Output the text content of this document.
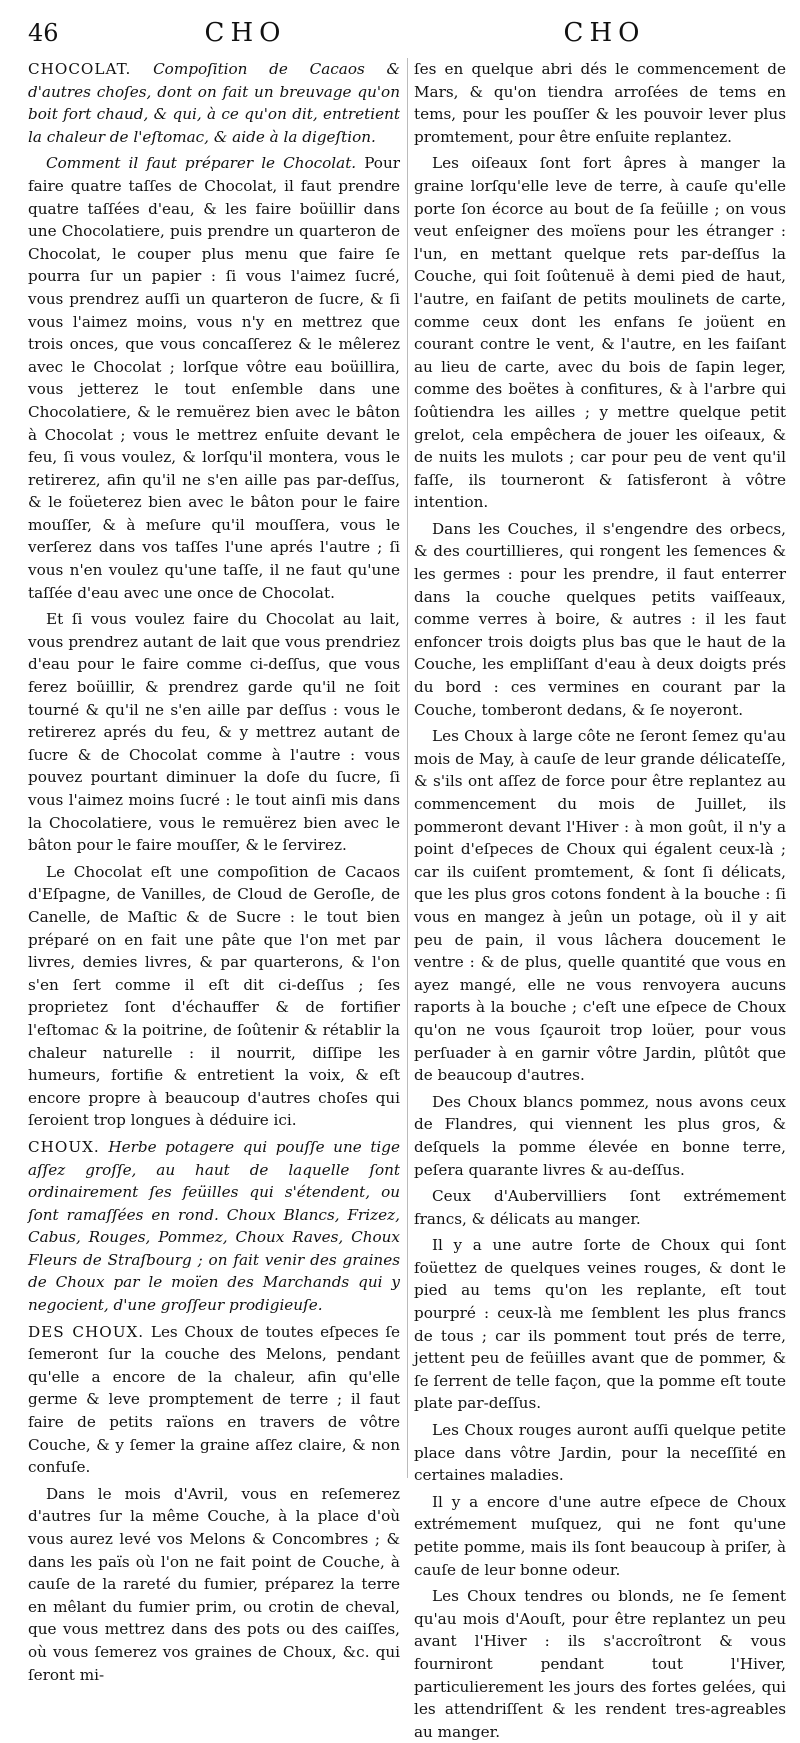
46	CHO	CHO

CHOCOLAT. Compoſition de Cacaos & d'autres choſes, dont on fait un breuvage qu'on boit fort chaud, & qui, à ce qu'on dit, entretient la chaleur de l'eſtomac, & aide à la digeſtion.

Comment il faut préparer le Chocolat. Pour faire quatre taſſes de Chocolat, il faut prendre quatre taſſées d'eau, & les faire boüillir dans une Chocolatiere, puis prendre un quarteron de Chocolat, le couper plus menu que faire ſe pourra ſur un papier : ſi vous l'aimez ſucré, vous prendrez auſſi un quarteron de ſucre, & ſi vous l'aimez moins, vous n'y en mettrez que trois onces, que vous concaſſerez & le mêlerez avec le Chocolat ; lorſque vôtre eau boüillira, vous jetterez le tout enſemble dans une Chocolatiere, & le remuërez bien avec le bâton à Chocolat ; vous le mettrez enſuite devant le feu, ſi vous voulez, & lorſqu'il montera, vous le retirerez, afin qu'il ne s'en aille pas par-deſſus, & le foüeterez bien avec le bâton pour le faire mouſſer, & à meſure qu'il mouſſera, vous le verſerez dans vos taſſes l'une aprés l'autre ; ſi vous n'en voulez qu'une taſſe, il ne faut qu'une taſſée d'eau avec une once de Chocolat.

Et ſi vous voulez faire du Chocolat au lait, vous prendrez autant de lait que vous prendriez d'eau pour le faire comme ci-deſſus, que vous ferez boüillir, & prendrez garde qu'il ne ſoit tourné & qu'il ne s'en aille par deſſus : vous le retirerez aprés du feu, & y mettrez autant de ſucre & de Chocolat comme à l'autre : vous pouvez pourtant diminuer la doſe du ſucre, ſi vous l'aimez moins ſucré : le tout ainſi mis dans la Chocolatiere, vous le remuërez bien avec le bâton pour le faire mouſſer, & le ſervirez.

Le Chocolat eſt une compoſition de Cacaos d'Eſpagne, de Vanilles, de Cloud de Geroſle, de Canelle, de Maſtic & de Sucre : le tout bien préparé on en fait une pâte que l'on met par livres, demies livres, & par quarterons, & l'on s'en ſert comme il eſt dit ci-deſſus ; ſes proprietez ſont d'échauffer & de fortifier l'eſtomac & la poitrine, de ſoûtenir & rétablir la chaleur naturelle : il nourrit, diſſipe les humeurs, fortifie & entretient la voix, & eſt encore propre à beaucoup d'autres choſes qui ſeroient trop longues à déduire ici.

CHOUX. Herbe potagere qui pouſſe une tige aſſez groſſe, au haut de laquelle ſont ordinairement ſes feüilles qui s'étendent, ou ſont ramaſſées en rond. Choux Blancs, Frizez, Cabus, Rouges, Pommez, Choux Raves, Choux Fleurs de Straſbourg ; on fait venir des graines de Choux par le moïen des Marchands qui y negocient, d'une groſſeur prodigieuſe.

DES CHOUX. Les Choux de toutes eſpeces ſe ſemeront ſur la couche des Melons, pendant qu'elle a encore de la chaleur, afin qu'elle germe & leve promptement de terre ; il faut faire de petits raïons en travers de vôtre Couche, & y ſemer la graine aſſez claire, & non confuſe.

Dans le mois d'Avril, vous en reſemerez d'autres ſur la même Couche, à la place d'où vous aurez levé vos Melons & Concombres ; & dans les païs où l'on ne fait point de Couche, à cauſe de la rareté du fumier, préparez la terre en mêlant du fumier prim, ou crotin de cheval, que vous mettrez dans des pots ou des caiſſes, où vous ſemerez vos graines de Choux, &c. qui ſeront mi-

ſes en quelque abri dés le commencement de Mars, & qu'on tiendra arroſées de tems en tems, pour les pouſſer & les pouvoir lever plus promtement, pour être enſuite replantez.

Les oiſeaux ſont fort âpres à manger la graine lorſqu'elle leve de terre, à cauſe qu'elle porte ſon écorce au bout de ſa feüille ; on vous veut enſeigner des moïens pour les étranger : l'un, en mettant quelque rets par-deſſus la Couche, qui ſoit ſoûtenuë à demi pied de haut, l'autre, en faiſant de petits moulinets de carte, comme ceux dont les enfans ſe joüent en courant contre le vent, & l'autre, en les faiſant au lieu de carte, avec du bois de ſapin leger, comme des boëtes à confitures, & à l'arbre qui ſoûtiendra les ailles ; y mettre quelque petit grelot, cela empêchera de jouer les oiſeaux, & de nuits les mulots ; car pour peu de vent qu'il faſſe, ils tourneront & ſatisferont à vôtre intention.

Dans les Couches, il s'engendre des orbecs, & des courtillieres, qui rongent les ſemences & les germes : pour les prendre, il faut enterrer dans la couche quelques petits vaiſſeaux, comme verres à boire, & autres : il les faut enfoncer trois doigts plus bas que le haut de la Couche, les empliſſant d'eau à deux doigts prés du bord : ces vermines en courant par la Couche, tomberont dedans, & ſe noyeront.

Les Choux à large côte ne ſeront ſemez qu'au mois de May, à cauſe de leur grande délicateſſe, & s'ils ont aſſez de force pour être replantez au commencement du mois de Juillet, ils pommeront devant l'Hiver : à mon goût, il n'y a point d'eſpeces de Choux qui égalent ceux-là ; car ils cuiſent promtement, & ſont ſi délicats, que les plus gros cotons fondent à la bouche : ſi vous en mangez à jeûn un potage, où il y ait peu de pain, il vous lâchera doucement le ventre : & de plus, quelle quantité que vous en ayez mangé, elle ne vous renvoyera aucuns raports à la bouche ; c'eſt une eſpece de Choux qu'on ne vous ſçauroit trop loüer, pour vous perſuader à en garnir vôtre Jardin, plûtôt que de beaucoup d'autres.

Des Choux blancs pommez, nous avons ceux de Flandres, qui viennent les plus gros, & deſquels la pomme élevée en bonne terre, peſera quarante livres & au-deſſus.

Ceux d'Aubervilliers ſont extrémement francs, & délicats au manger.

Il y a une autre ſorte de Choux qui ſont foüettez de quelques veines rouges, & dont le pied au tems qu'on les replante, eſt tout pourpré : ceux-là me ſemblent les plus francs de tous ; car ils pomment tout prés de terre, jettent peu de feüilles avant que de pommer, & ſe ſerrent de telle façon, que la pomme eſt toute plate par-deſſus.

Les Choux rouges auront auſſi quelque petite place dans vôtre Jardin, pour la neceſſité en certaines maladies.

Il y a encore d'une autre eſpece de Choux extrémement muſquez, qui ne font qu'une petite pomme, mais ils ſont beaucoup à priſer, à cauſe de leur bonne odeur.

Les Choux tendres ou blonds, ne ſe ſement qu'au mois d'Aouſt, pour être replantez un peu avant l'Hiver : ils s'accroîtront & vous fourniront pendant tout l'Hiver, particulierement les jours des fortes gelées, qui les attendriſſent & les rendent tres-agreables au manger.
